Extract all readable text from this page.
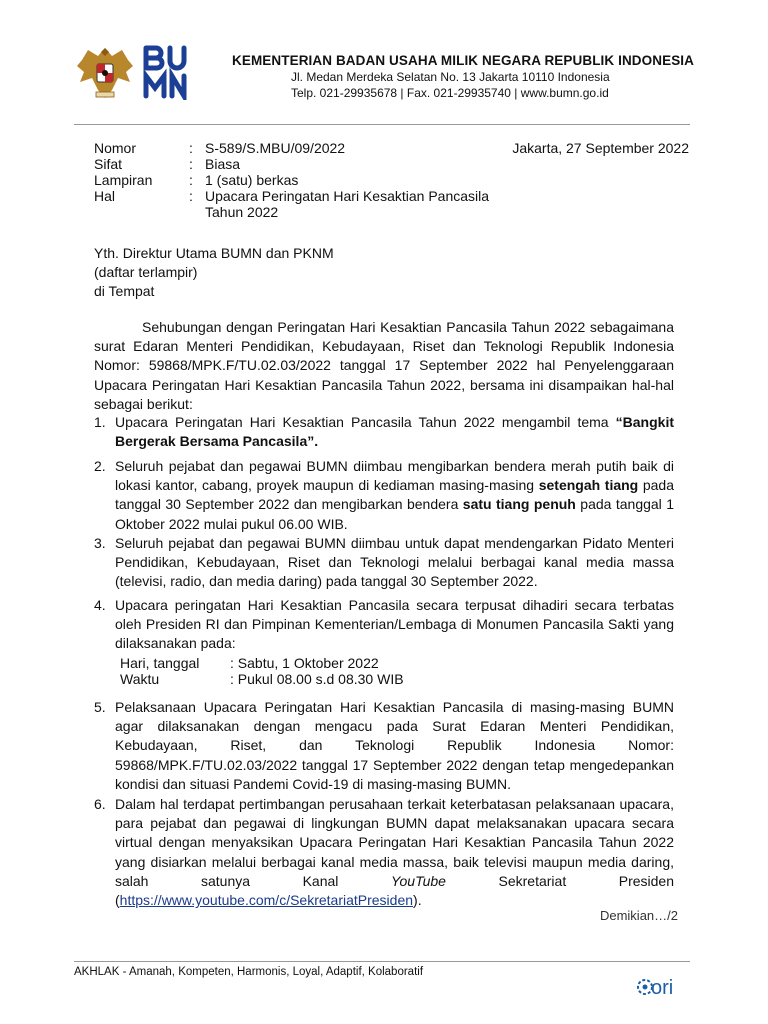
KEMENTERIAN BADAN USAHA MILIK NEGARA REPUBLIK INDONESIA
Jl. Medan Merdeka Selatan No. 13 Jakarta 10110 Indonesia
Telp. 021-29935678 | Fax. 021-29935740 | www.bumn.go.id
Nomor	:	S-589/S.MBU/09/2022
Sifat	:	Biasa
Lampiran	:	1 (satu) berkas
Hal	:	Upacara Peringatan Hari Kesaktian Pancasila
Tahun 2022
Jakarta, 27 September 2022
Yth. Direktur Utama BUMN dan PKNM
(daftar terlampir)
di Tempat
Sehubungan dengan Peringatan Hari Kesaktian Pancasila Tahun 2022 sebagaimana surat Edaran Menteri Pendidikan, Kebudayaan, Riset dan Teknologi Republik Indonesia Nomor: 59868/MPK.F/TU.02.03/2022 tanggal 17 September 2022 hal Penyelenggaraan Upacara Peringatan Hari Kesaktian Pancasila Tahun 2022, bersama ini disampaikan hal-hal sebagai berikut:
1. Upacara Peringatan Hari Kesaktian Pancasila Tahun 2022 mengambil tema “Bangkit Bergerak Bersama Pancasila”.
2. Seluruh pejabat dan pegawai BUMN diimbau mengibarkan bendera merah putih baik di lokasi kantor, cabang, proyek maupun di kediaman masing-masing setengah tiang pada tanggal 30 September 2022 dan mengibarkan bendera satu tiang penuh pada tanggal 1 Oktober 2022 mulai pukul 06.00 WIB.
3. Seluruh pejabat dan pegawai BUMN diimbau untuk dapat mendengarkan Pidato Menteri Pendidikan, Kebudayaan, Riset dan Teknologi melalui berbagai kanal media massa (televisi, radio, dan media daring) pada tanggal 30 September 2022.
4. Upacara peringatan Hari Kesaktian Pancasila secara terpusat dihadiri secara terbatas oleh Presiden RI dan Pimpinan Kementerian/Lembaga di Monumen Pancasila Sakti yang dilaksanakan pada:
Hari, tanggal	: Sabtu, 1 Oktober 2022
Waktu	: Pukul 08.00 s.d 08.30 WIB
5. Pelaksanaan Upacara Peringatan Hari Kesaktian Pancasila di masing-masing BUMN agar dilaksanakan dengan mengacu pada Surat Edaran Menteri Pendidikan, Kebudayaan, Riset, dan Teknologi Republik Indonesia Nomor: 59868/MPK.F/TU.02.03/2022 tanggal 17 September 2022 dengan tetap mengedepankan kondisi dan situasi Pandemi Covid-19 di masing-masing BUMN.
6. Dalam hal terdapat pertimbangan perusahaan terkait keterbatasan pelaksanaan upacara, para pejabat dan pegawai di lingkungan BUMN dapat melaksanakan upacara secara virtual dengan menyaksikan Upacara Peringatan Hari Kesaktian Pancasila Tahun 2022 yang disiarkan melalui berbagai kanal media massa, baik televisi maupun media daring, salah satunya Kanal YouTube Sekretariat Presiden (https://www.youtube.com/c/SekretariatPresiden).
Demikian…/2
AKHLAK - Amanah, Kompeten, Harmonis, Loyal, Adaptif, Kolaboratif
ori
